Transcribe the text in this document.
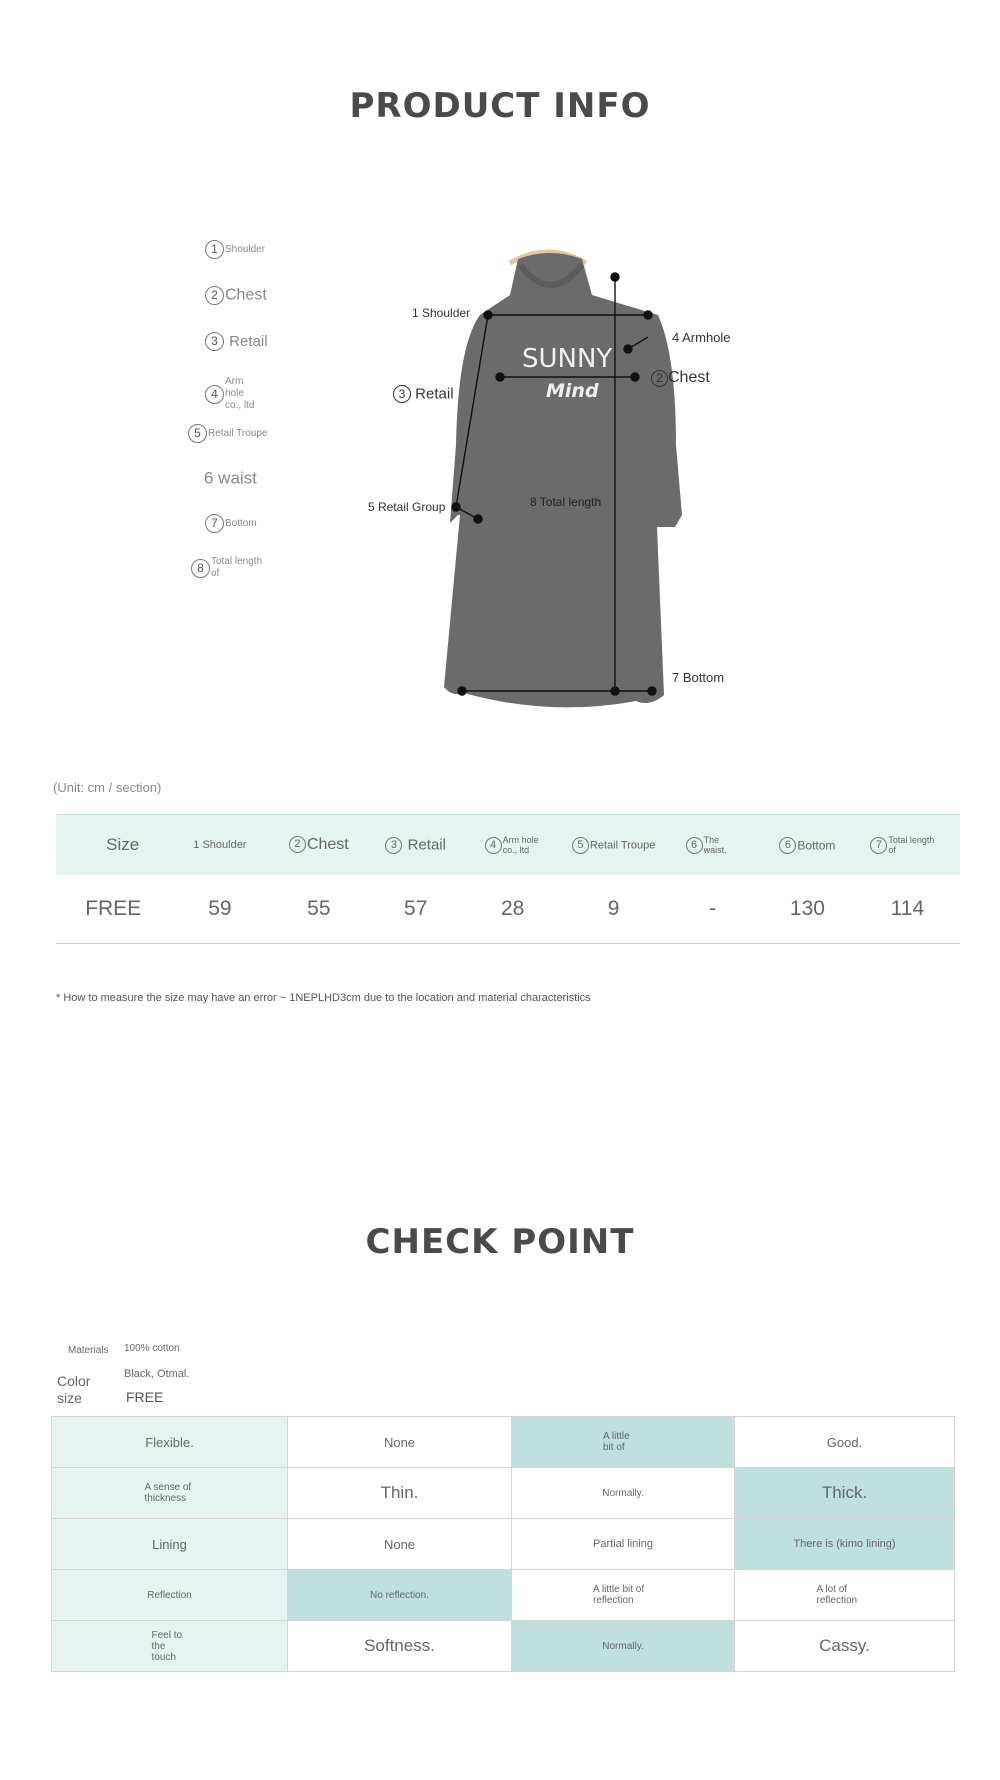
PRODUCT INFO
1 Shoulder
2 Chest
3 Retail
4Arm hole co., ltd
5 Retail Troupe
6 waist
7 Bottom
8 Total length of
SUNNY
Mind
1 Shoulder
4 Armhole
2 Chest
3 Retail
5 Retail Group	8 Total length
7 Bottom
(Unit: cm / section)
Size	1 Shoulder	2 Chest	3 Retail	4 Arm hole co., ltd	5 Retail Troupe	6 The waist.	6 Bottom	7 Total length of
FREE	59	55	57	28	9	-	130	114
* How to measure the size may have an error ~ 1NEPLHD3cm due to the location and material characteristics
CHECK POINT
Materials 100% cotton
Color	Black, Otmal.
size	FREE
Flexible.	None	A little bit of	Good.
A sense of thickness	Thin.	Normally.	Thick.
Lining	None	Partial lining	There is (kimo lining)
Reflection	No reflection.	A little bit of reflection	A lot of reflection
Feel to the touch	Softness.	Normally.	Cassy.
